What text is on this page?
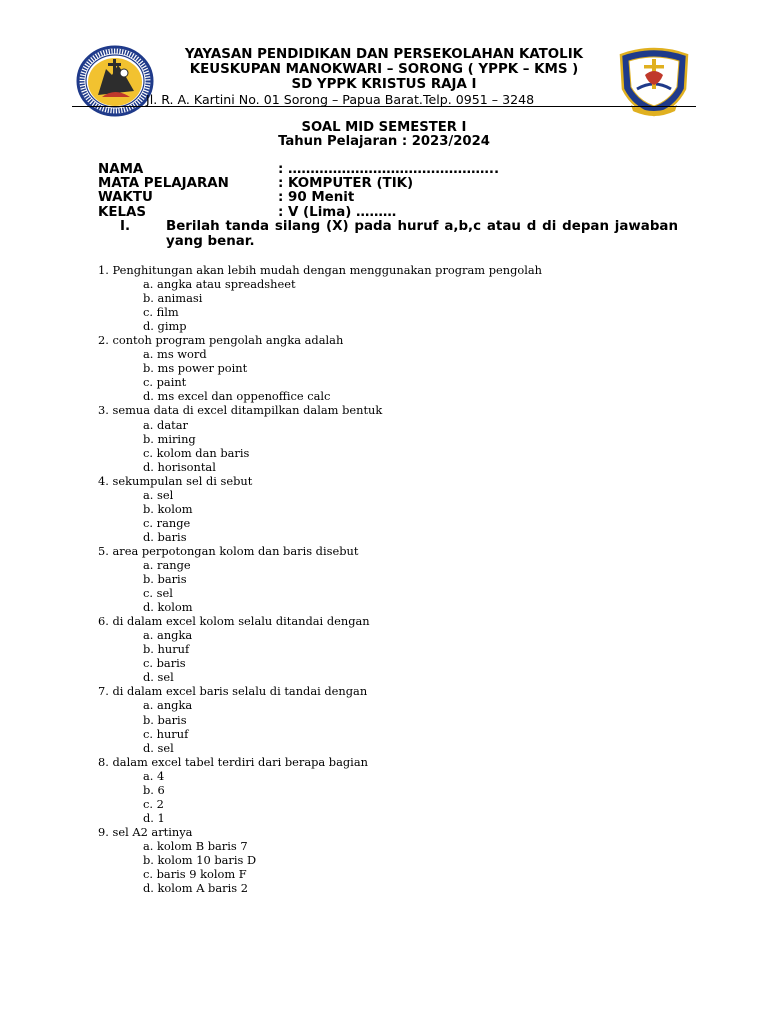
YAYASAN PENDIDIKAN DAN PERSEKOLAHAN KATOLIK
KEUSKUPAN MANOKWARI – SORONG ( YPPK – KMS )
SD YPPK KRISTUS RAJA I
Jl. R. A. Kartini No. 01 Sorong – Papua Barat.Telp. 0951 – 3248_ _
SOAL MID SEMESTER I
Tahun Pelajaran : 2023/2024
NAMA	: ………………………………………..
MATA PELAJARAN	: KOMPUTER (TIK)
WAKTU	: 90 Menit
KELAS	: V (Lima) ………
I.	Berilah tanda silang (X) pada huruf a,b,c atau d di depan jawaban yang benar.
1. Penghitungan akan lebih mudah dengan menggunakan program pengolah
a. angka atau spreadsheet
b. animasi
c. film
d. gimp
2. contoh program pengolah angka adalah
a. ms word
b. ms power point
c. paint
d. ms excel dan oppenoffice calc
3. semua data di excel ditampilkan dalam bentuk
a. datar
b. miring
c. kolom dan baris
d. horisontal
4. sekumpulan sel di sebut
a. sel
b. kolom
c. range
d. baris
5. area perpotongan kolom dan baris disebut
a. range
b. baris
c. sel
d. kolom
6. di dalam excel kolom selalu ditandai dengan
a. angka
b. huruf
c. baris
d. sel
7. di dalam excel baris selalu di tandai dengan
a. angka
b. baris
c. huruf
d. sel
8. dalam excel tabel terdiri dari berapa bagian
a. 4
b. 6
c. 2
d. 1
9. sel A2 artinya
a. kolom B baris 7
b. kolom 10 baris D
c. baris 9 kolom F
d. kolom A baris 2
